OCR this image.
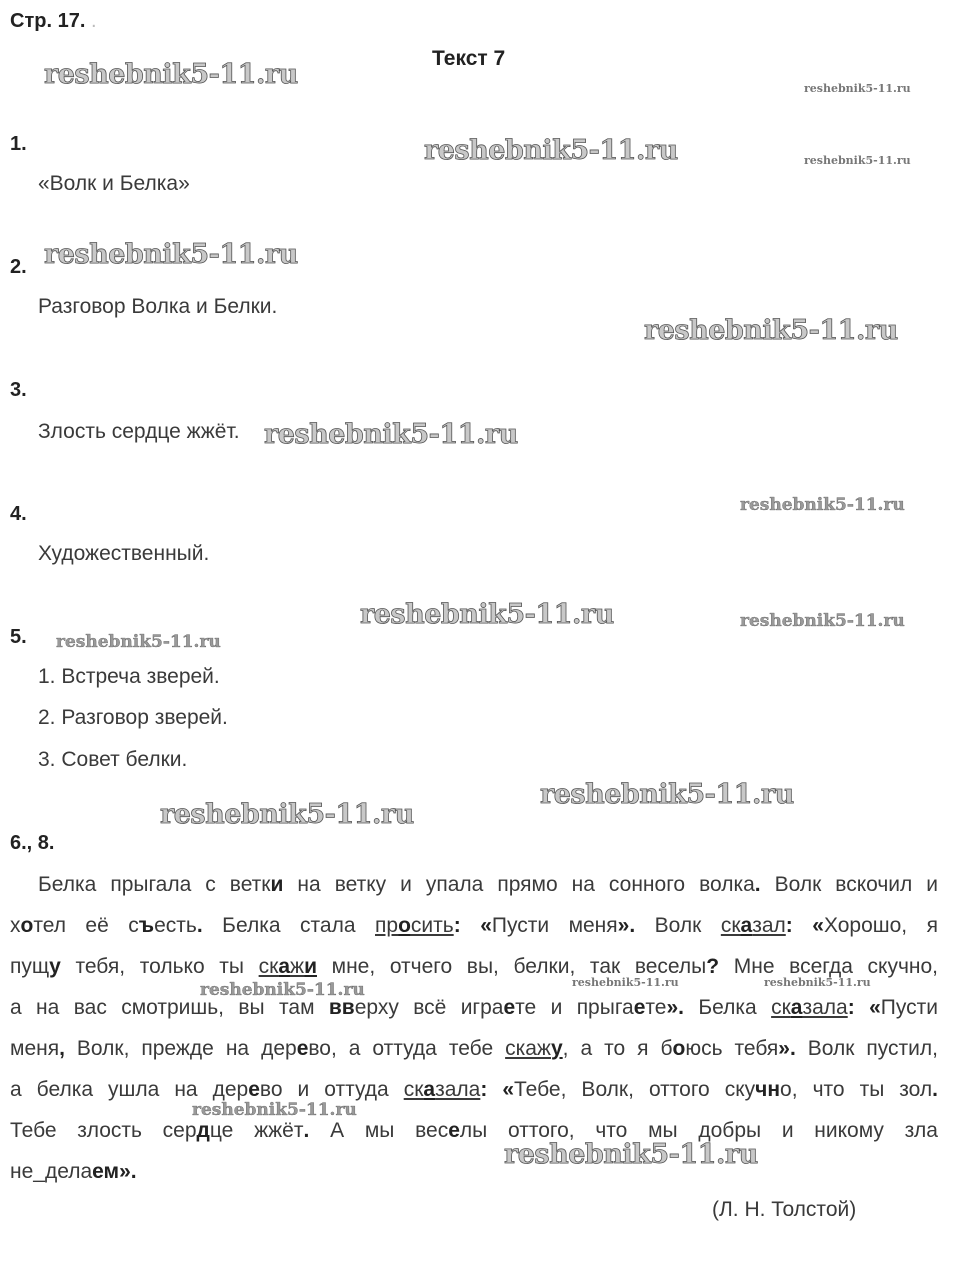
Стр. 17. .
Текст 7
1.
«Волк и Белка»
2.
Разговор Волка и Белки.
3.
Злость сердце жжёт.
4.
Художественный.
5.
1. Встреча зверей.
2. Разговор зверей.
3. Совет белки.
6., 8.
Белка прыгала с ветки на ветку и упала прямо на сонного волка. Волк вскочил и
хотел её съесть. Белка стала просить: «Пусти меня». Волк сказал: «Хорошо, я
пущу тебя, только ты скажи мне, отчего вы, белки, так веселы? Мне всегда скучно,
а на вас смотришь, вы там вверху всё играете и прыгаете». Белка сказала: «Пусти
меня, Волк, прежде на дерево, а оттуда тебе скажу, а то я боюсь тебя». Волк пустил,
а белка ушла на дерево и оттуда сказала: «Тебе, Волк, оттого скучно, что ты зол.
Тебе злость сердце жжёт. А мы веселы оттого, что мы добры и никому зла
не_делаем».
(Л. Н. Толстой)
reshebnik5-11.ru	reshebnik5-11.ru
reshebnik5-11.ru	reshebnik5-11.ru
reshebnik5-11.ru
reshebnik5-11.ru
reshebnik5-11.ru
reshebnik5-11.ru
reshebnik5-11.ru	reshebnik5-11.ru
reshebnik5-11.ru
reshebnik5-11.ru
reshebnik5-11.ru
reshebnik5-11.ru	reshebnik5-11.ru	reshebnik5-11.ru
reshebnik5-11.ru
reshebnik5-11.ru
